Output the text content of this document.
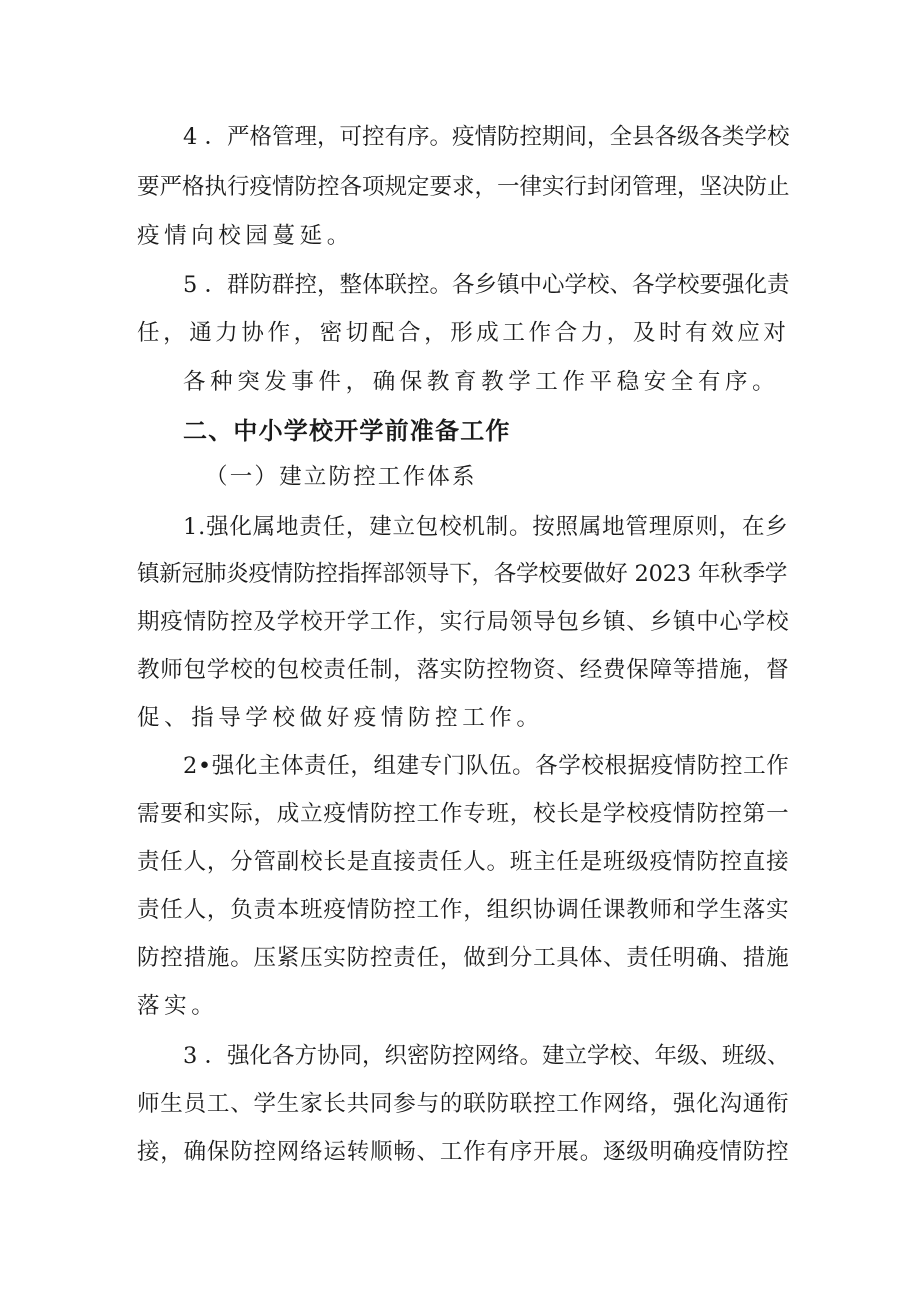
4 ．严格管理，可控有序。疫情防控期间，全县各级各类学校
要严格执行疫情防控各项规定要求，一律实行封闭管理，坚决防止
疫情向校园蔓延。
5 ．群防群控，整体联控。各乡镇中心学校、各学校要强化责
任，通力协作，密切配合，形成工作合力，及时有效应对
各种突发事件，确保教育教学工作平稳安全有序。
二、中小学校开学前准备工作
（一）建立防控工作体系
1.强化属地责任，建立包校机制。按照属地管理原则，在乡
镇新冠肺炎疫情防控指挥部领导下，各学校要做好 2023 年秋季学
期疫情防控及学校开学工作，实行局领导包乡镇、乡镇中心学校
教师包学校的包校责任制，落实防控物资、经费保障等措施，督
促、指导学校做好疫情防控工作。
2•强化主体责任，组建专门队伍。各学校根据疫情防控工作
需要和实际，成立疫情防控工作专班，校长是学校疫情防控第一
责任人，分管副校长是直接责任人。班主任是班级疫情防控直接
责任人，负责本班疫情防控工作，组织协调任课教师和学生落实
防控措施。压紧压实防控责任，做到分工具体、责任明确、措施
落实。
3 ．强化各方协同，织密防控网络。建立学校、年级、班级、
师生员工、学生家长共同参与的联防联控工作网络，强化沟通衔
接，确保防控网络运转顺畅、工作有序开展。逐级明确疫情防控
